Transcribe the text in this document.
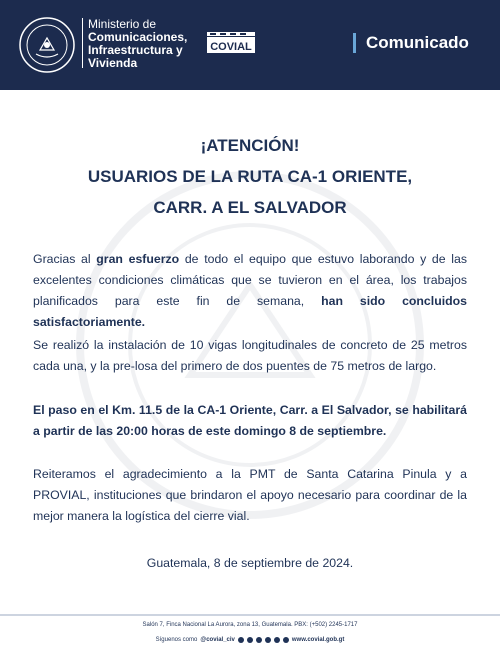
Ministerio de
Comunicaciones,
Infraestructura y
Vivienda
COVIAL	Comunicado
¡ATENCIÓN!
USUARIOS DE LA RUTA CA-1 ORIENTE,
CARR. A EL SALVADOR
Gracias al gran esfuerzo de todo el equipo que estuvo laborando y de las excelentes condiciones climáticas que se tuvieron en el área, los trabajos planificados para este fin de semana, han sido concluidos satisfactoriamente.
Se realizó la instalación de 10 vigas longitudinales de concreto de 25 metros cada una, y la pre-losa del primero de dos puentes de 75 metros de largo.
El paso en el Km. 11.5 de la CA-1 Oriente, Carr. a El Salvador, se habilitará a partir de las 20:00 horas de este domingo 8 de septiembre.
Reiteramos el agradecimiento a la PMT de Santa Catarina Pinula y a PROVIAL, instituciones que brindaron el apoyo necesario para coordinar de la mejor manera la logística del cierre vial.
Guatemala, 8 de septiembre de 2024.
Salón 7, Finca Nacional La Aurora, zona 13, Guatemala. PBX: (+502) 2245-1717
Síguenos como @covial_civ	www.covial.gob.gt
